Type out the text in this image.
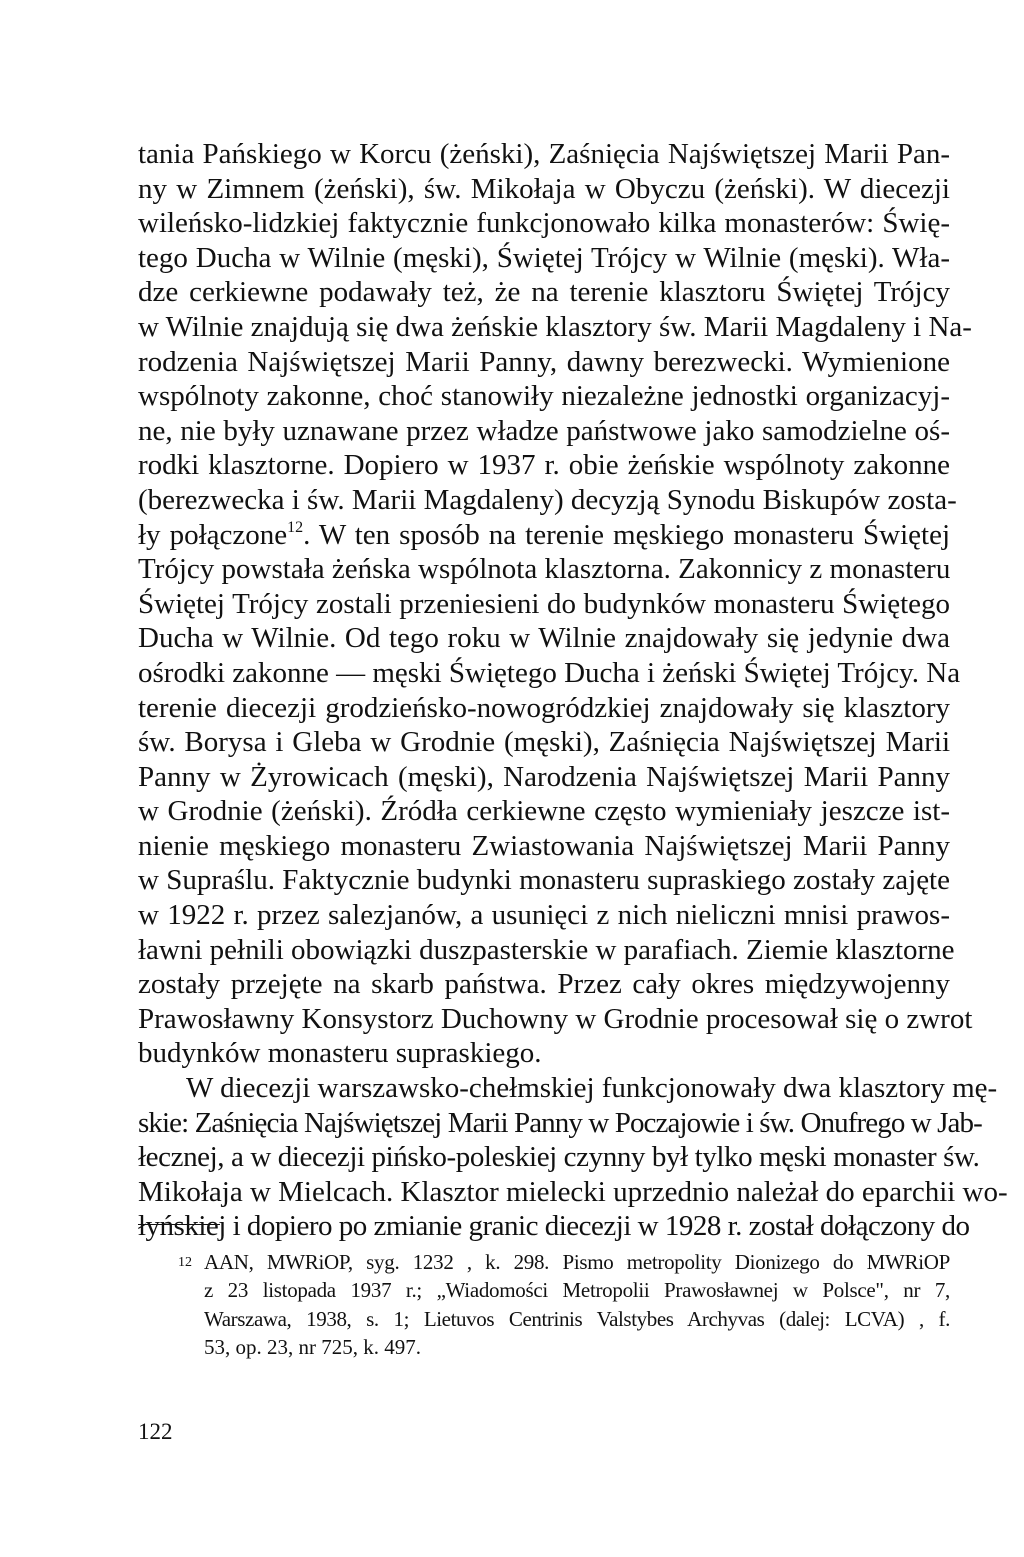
tania Pańskiego w Korcu (żeński), Zaśnięcia Najświętszej Marii Pan-
ny w Zimnem (żeński), św. Mikołaja w Obyczu (żeński). W diecezji
wileńsko-lidzkiej faktycznie funkcjonowało kilka monasterów: Świę-
tego Ducha w Wilnie (męski), Świętej Trójcy w Wilnie (męski). Wła-
dze cerkiewne podawały też, że na terenie klasztoru Świętej Trójcy
w Wilnie znajdują się dwa żeńskie klasztory św. Marii Magdaleny i Na-
rodzenia Najświętszej Marii Panny, dawny berezwecki. Wymienione
wspólnoty zakonne, choć stanowiły niezależne jednostki organizacyj-
ne, nie były uznawane przez władze państwowe jako samodzielne oś-
rodki klasztorne. Dopiero w 1937 r. obie żeńskie wspólnoty zakonne
(berezwecka i św. Marii Magdaleny) decyzją Synodu Biskupów zosta-
ły połączone$^{12}$. W ten sposób na terenie męskiego monasteru Świętej
Trójcy powstała żeńska wspólnota klasztorna. Zakonnicy z monasteru
Świętej Trójcy zostali przeniesieni do budynków monasteru Świętego
Ducha w Wilnie. Od tego roku w Wilnie znajdowały się jedynie dwa
ośrodki zakonne — męski Świętego Ducha i żeński Świętej Trójcy. Na
terenie diecezji grodzieńsko-nowogródzkiej znajdowały się klasztory
św. Borysa i Gleba w Grodnie (męski), Zaśnięcia Najświętszej Marii
Panny w Żyrowicach (męski), Narodzenia Najświętszej Marii Panny
w Grodnie (żeński). Źródła cerkiewne często wymieniały jeszcze ist-
nienie męskiego monasteru Zwiastowania Najświętszej Marii Panny
w Supraślu. Faktycznie budynki monasteru supraskiego zostały zajęte
w 1922 r. przez salezjanów, a usunięci z nich nieliczni mnisi prawos-
ławni pełnili obowiązki duszpasterskie w parafiach. Ziemie klasztorne
zostały przejęte na skarb państwa. Przez cały okres międzywojenny
Prawosławny Konsystorz Duchowny w Grodnie procesował się o zwrot
budynków monasteru supraskiego.
W diecezji warszawsko-chełmskiej funkcjonowały dwa klasztory mę-
skie: Zaśnięcia Najświętszej Marii Panny w Poczajowie i św. Onufrego w Jab-
łecznej, a w diecezji pińsko-poleskiej czynny był tylko męski monaster św.
Mikołaja w Mielcach. Klasztor mielecki uprzednio należał do eparchii wo-
łyńskiej i dopiero po zmianie granic diecezji w 1928 r. został dołączony do
12 AAN, MWRiOP, syg. 1232 , k. 298. Pismo metropolity Dionizego do MWRiOP
z 23 listopada 1937 r.; „Wiadomości Metropolii Prawosławnej w Polsce", nr 7,
Warszawa, 1938, s. 1; Lietuvos Centrinis Valstybes Archyvas (dalej: LCVA) , f.
53, op. 23, nr 725, k. 497.
122
